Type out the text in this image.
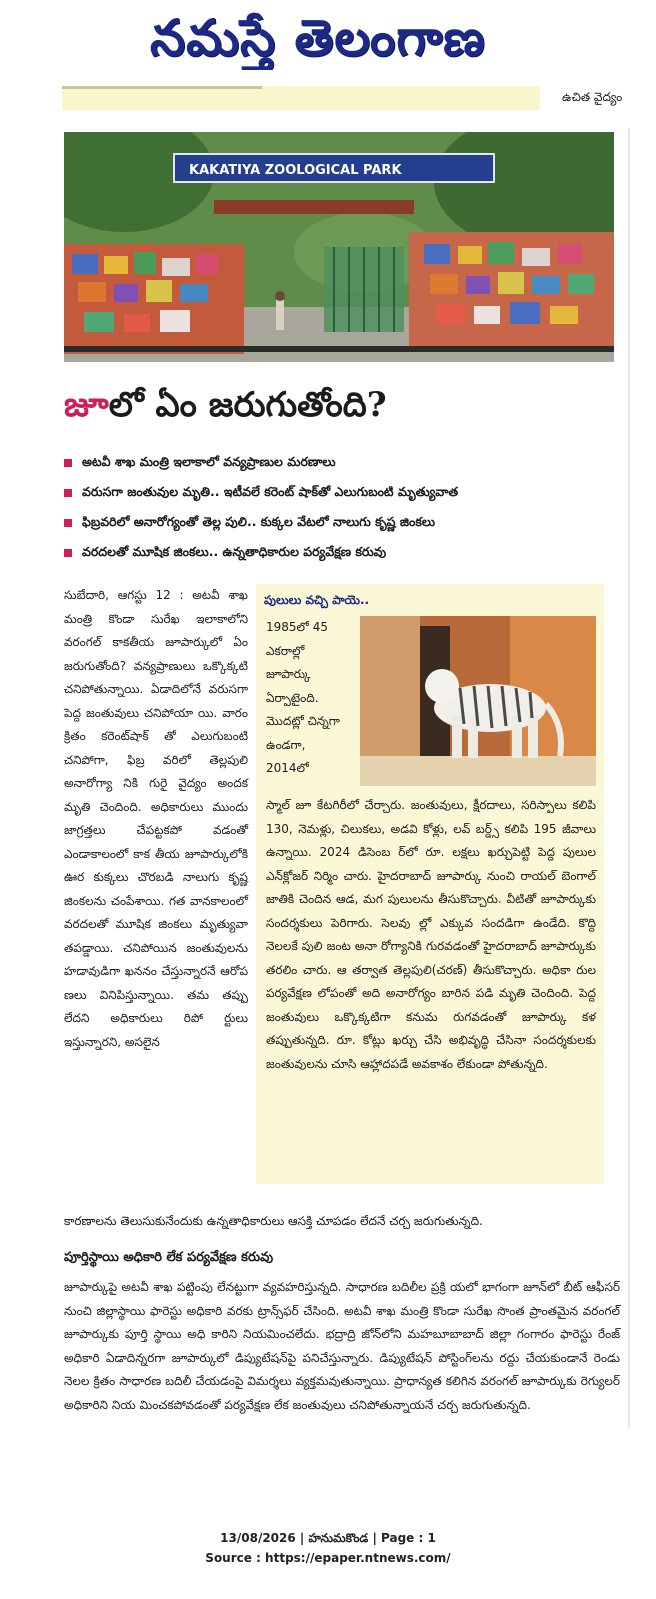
నమస్తే తెలంగాణ
ఉచిత వైద్యం
KAKATIYA ZOOLOGICAL PARK
జూలో ఏం జరుగుతోంది?
అటవీ శాఖ మంత్రి ఇలాకాలో వన్యప్రాణుల మరణాలు
వరుసగా జంతువుల మృతి.. ఇటీవలే కరెంట్ షాక్‌తో ఎలుగుబంటి మృత్యువాత
ఫిబ్రవరిలో అనారోగ్యంతో తెల్ల పులి.. కుక్కల వేటలో నాలుగు కృష్ణ జింకలు
వరదలతో మూషిక జింకలు.. ఉన్నతాధికారుల పర్యవేక్షణ కరువు

సుబేదారి, ఆగస్టు 12 : అటవీ శాఖ మంత్రి కొండా సురేఖ ఇలాకాలోని వరంగల్ కాకతీయ జూపార్కులో ఏం జరుగుతోంది? వన్యప్రాణులు ఒక్కొక్కటి చనిపోతున్నాయి. ఏడాదిలోనే వరుసగా పెద్ద జంతువులు చనిపోయా యి. వారం క్రితం కరెంట్‌షాక్ తో ఎలుగుబంటి చనిపోగా, ఫిబ్ర వరిలో తెల్లపులి అనారోగ్యా నికి గురై వైద్యం అందక మృతి చెందింది. అధికారులు ముందు జాగ్రత్తలు చేపట్టకపో వడంతో ఎండాకాలంలో కాక తీయ జూపార్కులోకి ఊర కుక్కలు చొరబడి నాలుగు కృష్ణ జింకలను చంపేశాయి. గత వానకాలంలో వరదలతో మూషిక జింకలు మృత్యువా తపడ్డాయి. చనిపోయిన జంతువులను హడావుడిగా ఖననం చేస్తున్నారనే ఆరోప ణలు వినిపిస్తున్నాయి. తమ తప్పు లేదని అధికారులు రిపో ర్టులు ఇస్తున్నారని, అసలైన

పులులు వచ్చి పాయె..

1985లో 45 ఎకరాల్లో జూపార్కు ఏర్పాటైంది. మొదట్లో చిన్నగా ఉండగా, 2014లో

స్మాల్ జూ కేటగిరీలో చేర్చారు. జంతువులు, క్షీరదాలు, సరిస్పాలు కలిపి 130, నెమళ్లు, చిలుకలు, అడవి కోళ్లు, లవ్ బర్డ్స్ కలిపి 195 జీవాలు ఉన్నాయి. 2024 డిసెంబ ర్‌లో రూ. లక్షలు ఖర్చుపెట్టి పెద్ద పులుల ఎన్‌క్లోజర్ నిర్మిం చారు. హైదరాబాద్ జూపార్కు నుంచి రాయల్ బెంగాల్ జాతికి చెందిన ఆడ, మగ పులులను తీసుకొచ్చారు. వీటితో జూపార్కుకు సందర్శకులు పెరిగారు. సెలవు ల్లో ఎక్కువ సందడిగా ఉండేది. కొద్ది నెలలకే పులి జంట అనా రోగ్యానికి గురవడంతో హైదరాబాద్ జూపార్కుకు తరలిం చారు. ఆ తర్వాత తెల్లపులి(చరణ్) తీసుకొచ్చారు. అధికా రుల పర్యవేక్షణ లోపంతో అది అనారోగ్యం బారిన పడి మృతి చెందింది. పెద్ద జంతువులు ఒక్కొక్కటిగా కనుమ రుగవడంతో జూపార్కు కళ తప్పుతున్నది. రూ. కోట్లు ఖర్చు చేసి అభివృద్ధి చేసినా సందర్శకులకు జంతువులను చూసి ఆహ్లాదపడే అవకాశం లేకుండా పోతున్నది.

కారణాలను తెలుసుకునేందుకు ఉన్నతాధికారులు ఆసక్తి చూపడం లేదనే చర్చ జరుగుతున్నది.

పూర్తిస్థాయి అధికారి లేక పర్యవేక్షణ కరువు

జూపార్కుపై అటవీ శాఖ పట్టింపు లేనట్టుగా వ్యవహరిస్తున్నది. సాధారణ బదిలీల ప్రక్రి యలో భాగంగా జూన్‌లో బీట్ ఆఫీసర్ నుంచి జిల్లాస్థాయి ఫారెస్టు అధికారి వరకు ట్రాన్స్‌ఫర్ చేసింది. అటవీ శాఖ మంత్రి కొండా సురేఖ సొంత ప్రాంతమైన వరంగల్ జూపార్కుకు పూర్తి స్థాయి అధి కారిని నియమించలేదు. భద్రాద్రి జోన్‌లోని మహబూబాబాద్ జిల్లా గంగారం ఫారెస్టు రేంజ్ అధికారి ఏడాదిన్నరగా జూపార్కులో డిప్యుటేషన్‌పై పనిచేస్తున్నారు. డిప్యుటేషన్ పోస్టింగ్‌లను రద్దు చేయకుండానే రెండు నెలల క్రితం సాధారణ బదిలీ చేయడంపై విమర్శలు వ్యక్తమవుతున్నాయి. ప్రాధాన్యత కలిగిన వరంగల్ జూపార్కుకు రెగ్యులర్ అధికారిని నియ మించకపోవడంతో పర్యవేక్షణ లేక జంతువులు చనిపోతున్నాయనే చర్చ జరుగుతున్నది.

13/08/2026 | హనుమకొండ | Page : 1
Source : https://epaper.ntnews.com/
